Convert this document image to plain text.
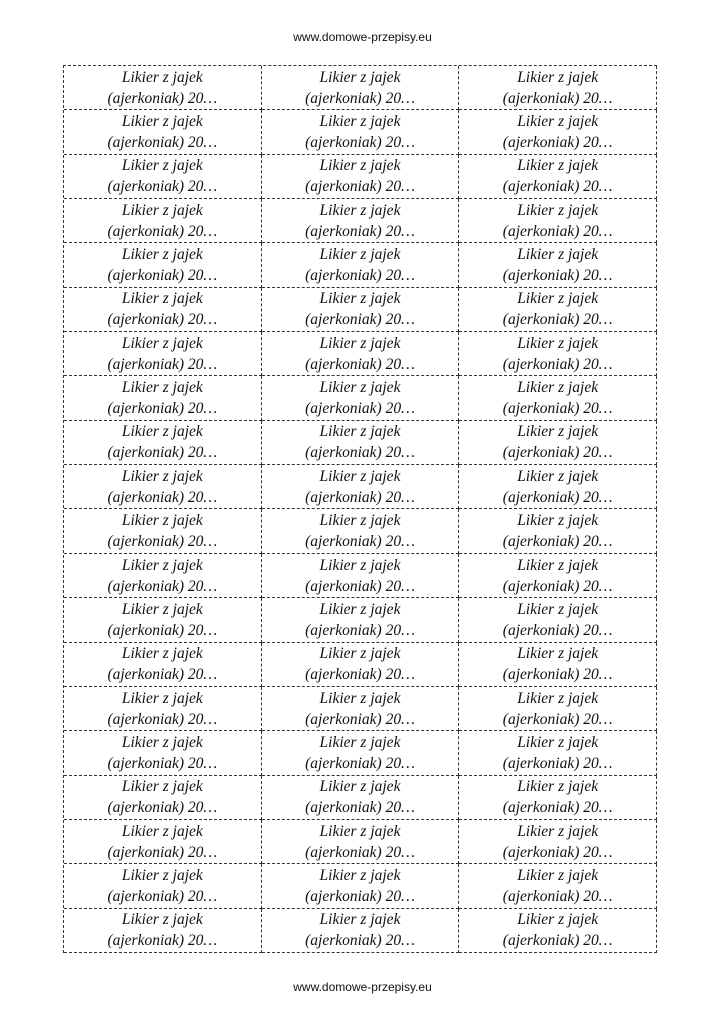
www.domowe-przepisy.eu
Likier z jajek
(ajerkoniak) 20…
Likier z jajek
(ajerkoniak) 20…
Likier z jajek
(ajerkoniak) 20…
Likier z jajek
(ajerkoniak) 20…
Likier z jajek
(ajerkoniak) 20…
Likier z jajek
(ajerkoniak) 20…
Likier z jajek
(ajerkoniak) 20…
Likier z jajek
(ajerkoniak) 20…
Likier z jajek
(ajerkoniak) 20…
Likier z jajek
(ajerkoniak) 20…
Likier z jajek
(ajerkoniak) 20…
Likier z jajek
(ajerkoniak) 20…
Likier z jajek
(ajerkoniak) 20…
Likier z jajek
(ajerkoniak) 20…
Likier z jajek
(ajerkoniak) 20…
Likier z jajek
(ajerkoniak) 20…
Likier z jajek
(ajerkoniak) 20…
Likier z jajek
(ajerkoniak) 20…
Likier z jajek
(ajerkoniak) 20…
Likier z jajek
(ajerkoniak) 20…
Likier z jajek
(ajerkoniak) 20…
Likier z jajek
(ajerkoniak) 20…
Likier z jajek
(ajerkoniak) 20…
Likier z jajek
(ajerkoniak) 20…
Likier z jajek
(ajerkoniak) 20…
Likier z jajek
(ajerkoniak) 20…
Likier z jajek
(ajerkoniak) 20…
Likier z jajek
(ajerkoniak) 20…
Likier z jajek
(ajerkoniak) 20…
Likier z jajek
(ajerkoniak) 20…
Likier z jajek
(ajerkoniak) 20…
Likier z jajek
(ajerkoniak) 20…
Likier z jajek
(ajerkoniak) 20…
Likier z jajek
(ajerkoniak) 20…
Likier z jajek
(ajerkoniak) 20…
Likier z jajek
(ajerkoniak) 20…
Likier z jajek
(ajerkoniak) 20…
Likier z jajek
(ajerkoniak) 20…
Likier z jajek
(ajerkoniak) 20…
Likier z jajek
(ajerkoniak) 20…
Likier z jajek
(ajerkoniak) 20…
Likier z jajek
(ajerkoniak) 20…
Likier z jajek
(ajerkoniak) 20…
Likier z jajek
(ajerkoniak) 20…
Likier z jajek
(ajerkoniak) 20…
Likier z jajek
(ajerkoniak) 20…
Likier z jajek
(ajerkoniak) 20…
Likier z jajek
(ajerkoniak) 20…
Likier z jajek
(ajerkoniak) 20…
Likier z jajek
(ajerkoniak) 20…
Likier z jajek
(ajerkoniak) 20…
Likier z jajek
(ajerkoniak) 20…
Likier z jajek
(ajerkoniak) 20…
Likier z jajek
(ajerkoniak) 20…
Likier z jajek
(ajerkoniak) 20…
Likier z jajek
(ajerkoniak) 20…
Likier z jajek
(ajerkoniak) 20…
Likier z jajek
(ajerkoniak) 20…
Likier z jajek
(ajerkoniak) 20…
Likier z jajek
(ajerkoniak) 20…
www.domowe-przepisy.eu
